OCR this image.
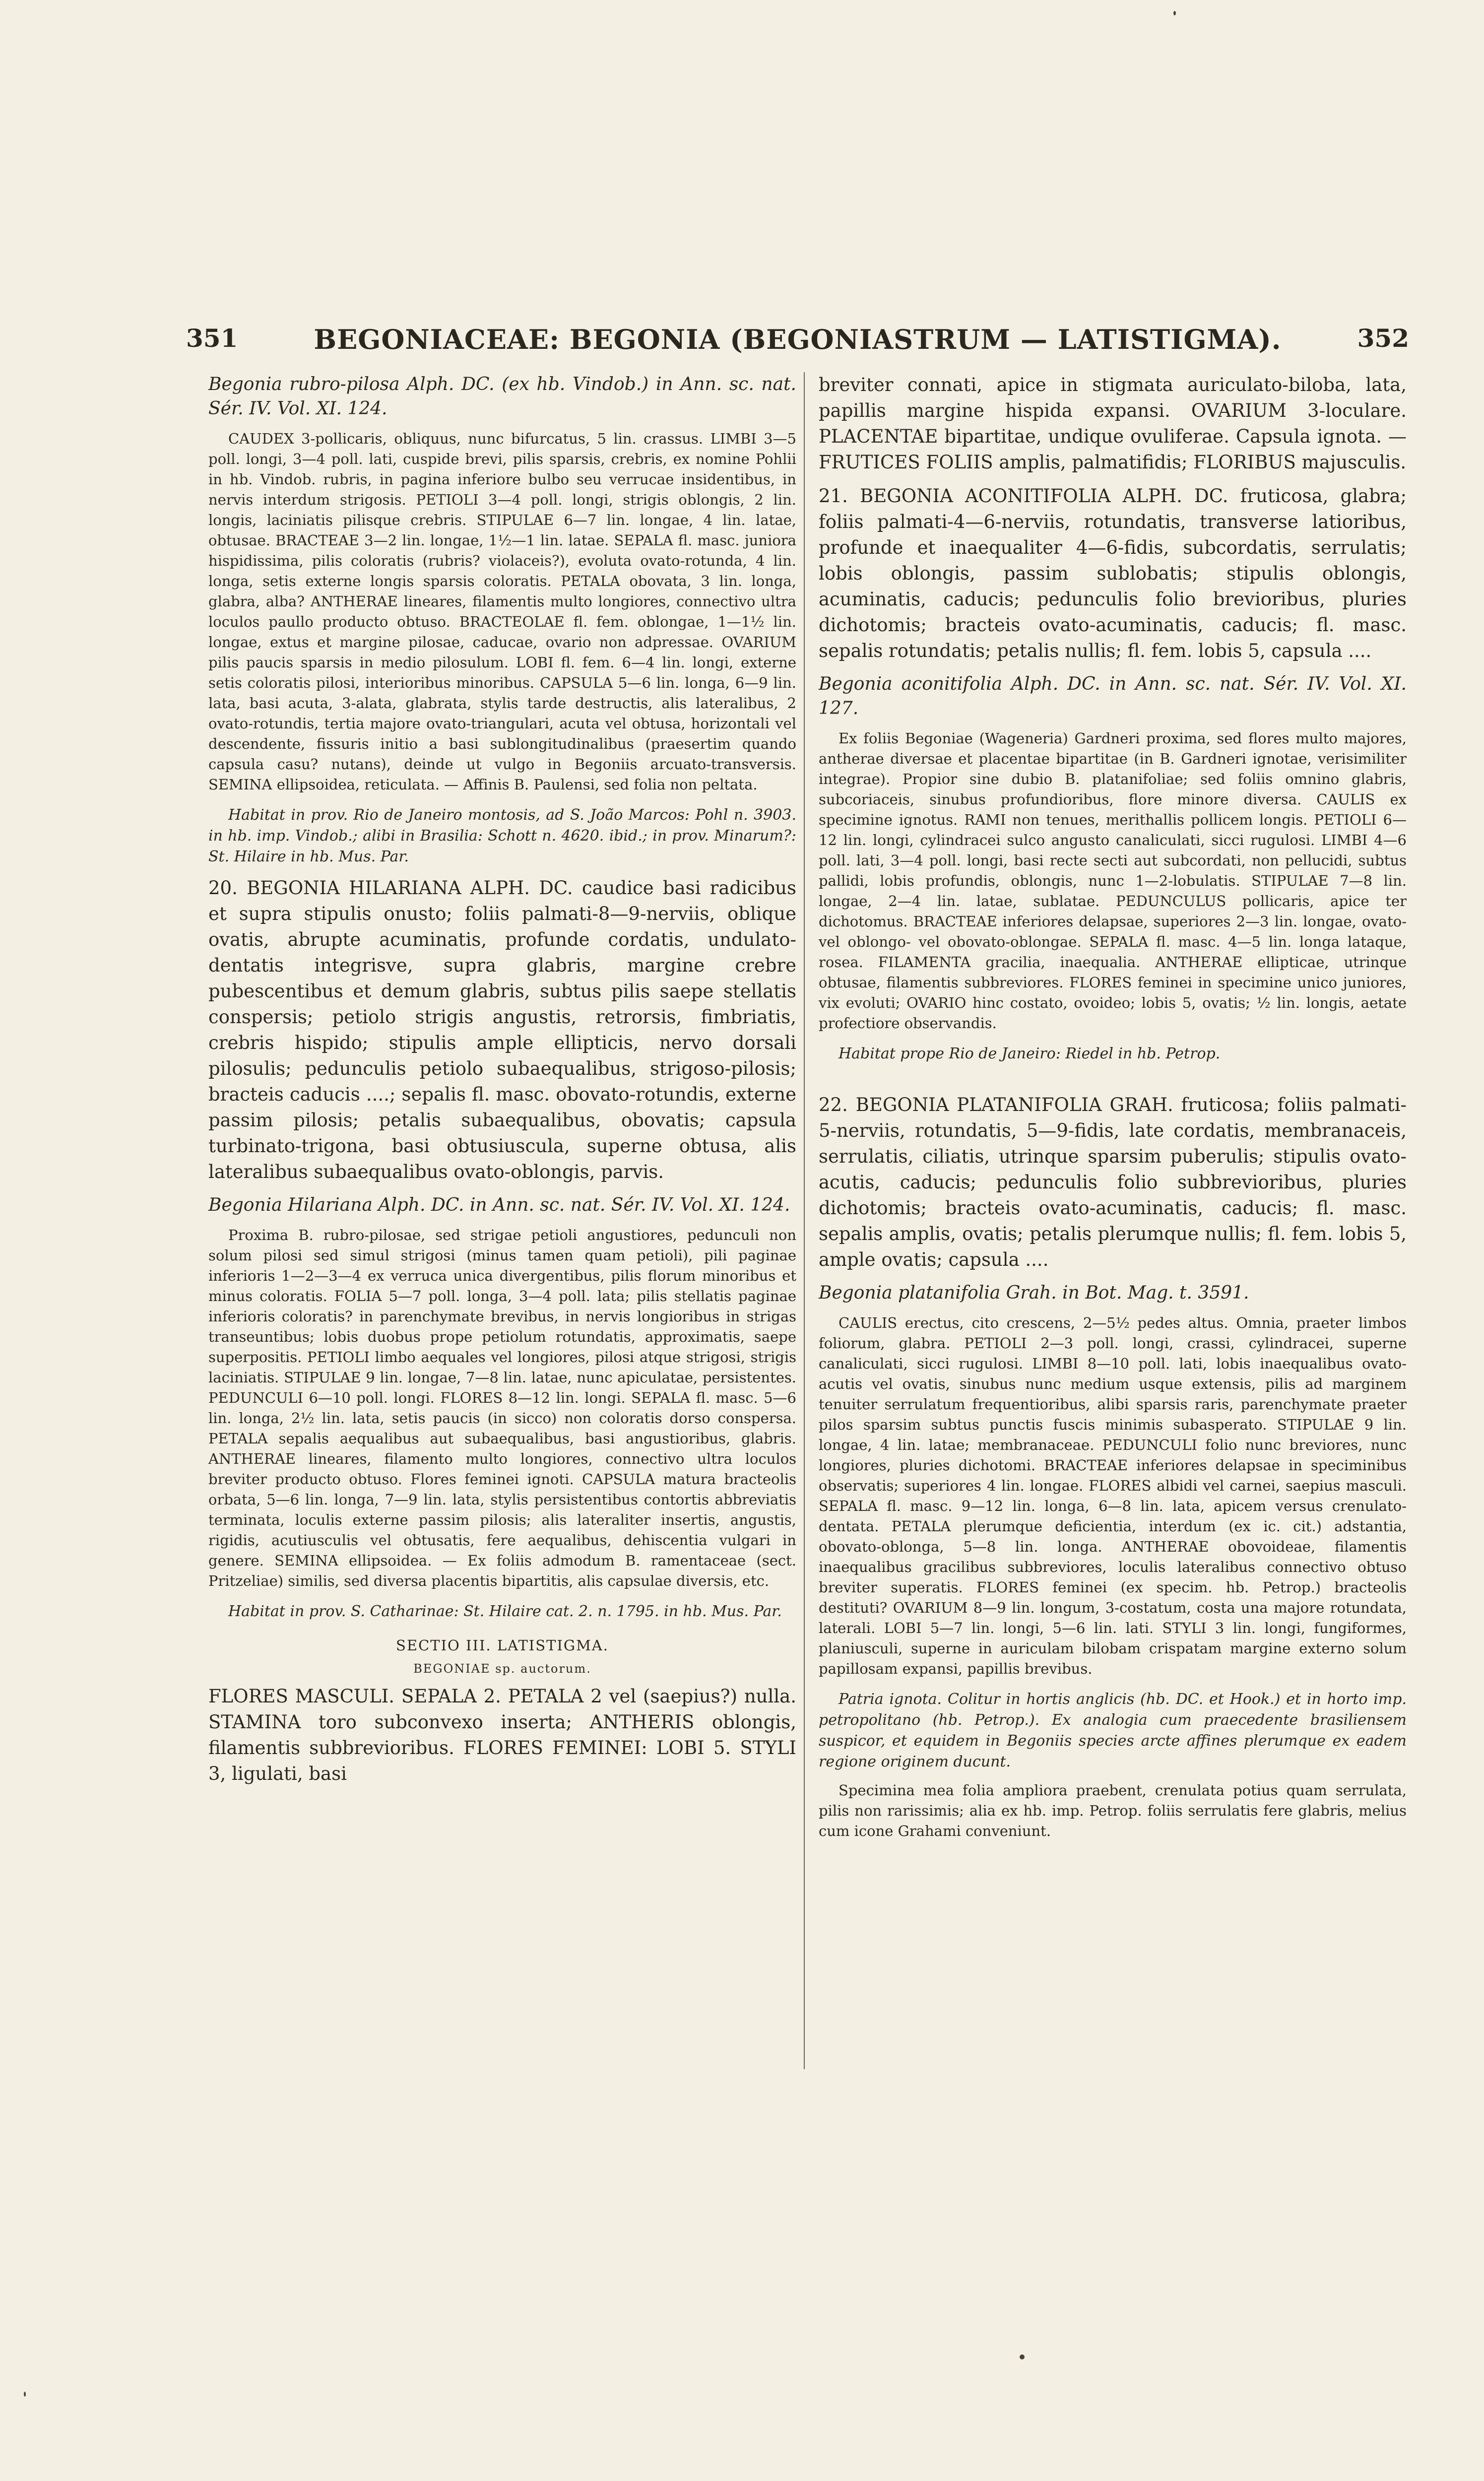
351	BEGONIACEAE: BEGONIA (BEGONIASTRUM — LATISTIGMA).	352

Begonia rubro-pilosa Alph. DC. (ex hb. Vindob.) in Ann. sc. nat. Sér. IV. Vol. XI. 124.

CAUDEX 3-pollicaris, obliquus, nunc bifurcatus, 5 lin. crassus. LIMBI 3—5 poll. longi, 3—4 poll. lati, cuspide brevi, pilis sparsis, crebris, ex nomine Pohlii in hb. Vindob. rubris, in pagina inferiore bulbo seu verrucae insidentibus, in nervis interdum strigosis. PETIOLI 3—4 poll. longi, strigis oblongis, 2 lin. longis, laciniatis pilisque crebris. STIPULAE 6—7 lin. longae, 4 lin. latae, obtusae. BRACTEAE 3—2 lin. longae, 1½—1 lin. latae. SEPALA fl. masc. juniora hispidissima, pilis coloratis (rubris? violaceis?), evoluta ovato-rotunda, 4 lin. longa, setis externe longis sparsis coloratis. PETALA obovata, 3 lin. longa, glabra, alba? ANTHERAE lineares, filamentis multo longiores, connectivo ultra loculos paullo producto obtuso. BRACTEOLAE fl. fem. oblongae, 1—1½ lin. longae, extus et margine pilosae, caducae, ovario non adpressae. OVARIUM pilis paucis sparsis in medio pilosulum. LOBI fl. fem. 6—4 lin. longi, externe setis coloratis pilosi, interioribus minoribus. CAPSULA 5—6 lin. longa, 6—9 lin. lata, basi acuta, 3-alata, glabrata, stylis tarde destructis, alis lateralibus, 2 ovato-rotundis, tertia majore ovato-triangulari, acuta vel obtusa, horizontali vel descendente, fissuris initio a basi sublongitudinalibus (praesertim quando capsula casu? nutans), deinde ut vulgo in Begoniis arcuato-transversis. SEMINA ellipsoidea, reticulata. — Affinis B. Paulensi, sed folia non peltata.

Habitat in prov. Rio de Janeiro montosis, ad S. João Marcos: Pohl n. 3903. in hb. imp. Vindob.; alibi in Brasilia: Schott n. 4620. ibid.; in prov. Minarum?: St. Hilaire in hb. Mus. Par.

20. BEGONIA HILARIANA ALPH. DC. caudice basi radicibus et supra stipulis onusto; foliis palmati-8—9-nerviis, oblique ovatis, abrupte acuminatis, profunde cordatis, undulato-dentatis integrisve, supra glabris, margine crebre pubescentibus et demum glabris, subtus pilis saepe stellatis conspersis; petiolo strigis angustis, retrorsis, fimbriatis, crebris hispido; stipulis ample ellipticis, nervo dorsali pilosulis; pedunculis petiolo subaequalibus, strigoso-pilosis; bracteis caducis ....; sepalis fl. masc. obovato-rotundis, externe passim pilosis; petalis subaequalibus, obovatis; capsula turbinato-trigona, basi obtusiuscula, superne obtusa, alis lateralibus subaequalibus ovato-oblongis, parvis.

Begonia Hilariana Alph. DC. in Ann. sc. nat. Sér. IV. Vol. XI. 124.

Proxima B. rubro-pilosae, sed strigae petioli angustiores, pedunculi non solum pilosi sed simul strigosi (minus tamen quam petioli), pili paginae inferioris 1—2—3—4 ex verruca unica divergentibus, pilis florum minoribus et minus coloratis. FOLIA 5—7 poll. longa, 3—4 poll. lata; pilis stellatis paginae inferioris coloratis? in parenchymate brevibus, in nervis longioribus in strigas transeuntibus; lobis duobus prope petiolum rotundatis, approximatis, saepe superpositis. PETIOLI limbo aequales vel longiores, pilosi atque strigosi, strigis laciniatis. STIPULAE 9 lin. longae, 7—8 lin. latae, nunc apiculatae, persistentes. PEDUNCULI 6—10 poll. longi. FLORES 8—12 lin. longi. SEPALA fl. masc. 5—6 lin. longa, 2½ lin. lata, setis paucis (in sicco) non coloratis dorso conspersa. PETALA sepalis aequalibus aut subaequalibus, basi angustioribus, glabris. ANTHERAE lineares, filamento multo longiores, connectivo ultra loculos breviter producto obtuso. Flores feminei ignoti. CAPSULA matura bracteolis orbata, 5—6 lin. longa, 7—9 lin. lata, stylis persistentibus contortis abbreviatis terminata, loculis externe passim pilosis; alis lateraliter insertis, angustis, rigidis, acutiusculis vel obtusatis, fere aequalibus, dehiscentia vulgari in genere. SEMINA ellipsoidea. — Ex foliis admodum B. ramentaceae (sect. Pritzeliae) similis, sed diversa placentis bipartitis, alis capsulae diversis, etc.

Habitat in prov. S. Catharinae: St. Hilaire cat. 2. n. 1795. in hb. Mus. Par.

SECTIO III. LATISTIGMA.

BEGONIAE sp. auctorum.

FLORES MASCULI. SEPALA 2. PETALA 2 vel (saepius?) nulla. STAMINA toro subconvexo inserta; ANTHERIS oblongis, filamentis subbrevioribus. FLORES FEMINEI: LOBI 5. STYLI 3, ligulati, basi

breviter connati, apice in stigmata auriculato-biloba, lata, papillis margine hispida expansi. OVARIUM 3-loculare. PLACENTAE bipartitae, undique ovuliferae. Capsula ignota. — FRUTICES FOLIIS amplis, palmatifidis; FLORIBUS majusculis.

21. BEGONIA ACONITIFOLIA ALPH. DC. fruticosa, glabra; foliis palmati-4—6-nerviis, rotundatis, transverse latioribus, profunde et inaequaliter 4—6-fidis, subcordatis, serrulatis; lobis oblongis, passim sublobatis; stipulis oblongis, acuminatis, caducis; pedunculis folio brevioribus, pluries dichotomis; bracteis ovato-acuminatis, caducis; fl. masc. sepalis rotundatis; petalis nullis; fl. fem. lobis 5, capsula ....

Begonia aconitifolia Alph. DC. in Ann. sc. nat. Sér. IV. Vol. XI. 127.

Ex foliis Begoniae (Wageneria) Gardneri proxima, sed flores multo majores, antherae diversae et placentae bipartitae (in B. Gardneri ignotae, verisimiliter integrae). Propior sine dubio B. platanifoliae; sed foliis omnino glabris, subcoriaceis, sinubus profundioribus, flore minore diversa. CAULIS ex specimine ignotus. RAMI non tenues, merithallis pollicem longis. PETIOLI 6—12 lin. longi, cylindracei sulco angusto canaliculati, sicci rugulosi. LIMBI 4—6 poll. lati, 3—4 poll. longi, basi recte secti aut subcordati, non pellucidi, subtus pallidi, lobis profundis, oblongis, nunc 1—2-lobulatis. STIPULAE 7—8 lin. longae, 2—4 lin. latae, sublatae. PEDUNCULUS pollicaris, apice ter dichotomus. BRACTEAE inferiores delapsae, superiores 2—3 lin. longae, ovato- vel oblongo- vel obovato-oblongae. SEPALA fl. masc. 4—5 lin. longa lataque, rosea. FILAMENTA gracilia, inaequalia. ANTHERAE ellipticae, utrinque obtusae, filamentis subbreviores. FLORES feminei in specimine unico juniores, vix evoluti; OVARIO hinc costato, ovoideo; lobis 5, ovatis; ½ lin. longis, aetate profectiore observandis.

Habitat prope Rio de Janeiro: Riedel in hb. Petrop.

22. BEGONIA PLATANIFOLIA GRAH. fruticosa; foliis palmati-5-nerviis, rotundatis, 5—9-fidis, late cordatis, membranaceis, serrulatis, ciliatis, utrinque sparsim puberulis; stipulis ovato-acutis, caducis; pedunculis folio subbrevioribus, pluries dichotomis; bracteis ovato-acuminatis, caducis; fl. masc. sepalis amplis, ovatis; petalis plerumque nullis; fl. fem. lobis 5, ample ovatis; capsula ....

Begonia platanifolia Grah. in Bot. Mag. t. 3591.

CAULIS erectus, cito crescens, 2—5½ pedes altus. Omnia, praeter limbos foliorum, glabra. PETIOLI 2—3 poll. longi, crassi, cylindracei, superne canaliculati, sicci rugulosi. LIMBI 8—10 poll. lati, lobis inaequalibus ovato-acutis vel ovatis, sinubus nunc medium usque extensis, pilis ad marginem tenuiter serrulatum frequentioribus, alibi sparsis raris, parenchymate praeter pilos sparsim subtus punctis fuscis minimis subasperato. STIPULAE 9 lin. longae, 4 lin. latae; membranaceae. PEDUNCULI folio nunc breviores, nunc longiores, pluries dichotomi. BRACTEAE inferiores delapsae in speciminibus observatis; superiores 4 lin. longae. FLORES albidi vel carnei, saepius masculi. SEPALA fl. masc. 9—12 lin. longa, 6—8 lin. lata, apicem versus crenulato-dentata. PETALA plerumque deficientia, interdum (ex ic. cit.) adstantia, obovato-oblonga, 5—8 lin. longa. ANTHERAE obovoideae, filamentis inaequalibus gracilibus subbreviores, loculis lateralibus connectivo obtuso breviter superatis. FLORES feminei (ex specim. hb. Petrop.) bracteolis destituti? OVARIUM 8—9 lin. longum, 3-costatum, costa una majore rotundata, laterali. LOBI 5—7 lin. longi, 5—6 lin. lati. STYLI 3 lin. longi, fungiformes, planiusculi, superne in auriculam bilobam crispatam margine externo solum papillosam expansi, papillis brevibus.

Patria ignota. Colitur in hortis anglicis (hb. DC. et Hook.) et in horto imp. petropolitano (hb. Petrop.). Ex analogia cum praecedente brasiliensem suspicor, et equidem in Begoniis species arcte affines plerumque ex eadem regione originem ducunt.

Specimina mea folia ampliora praebent, crenulata potius quam serrulata, pilis non rarissimis; alia ex hb. imp. Petrop. foliis serrulatis fere glabris, melius cum icone Grahami conveniunt.
